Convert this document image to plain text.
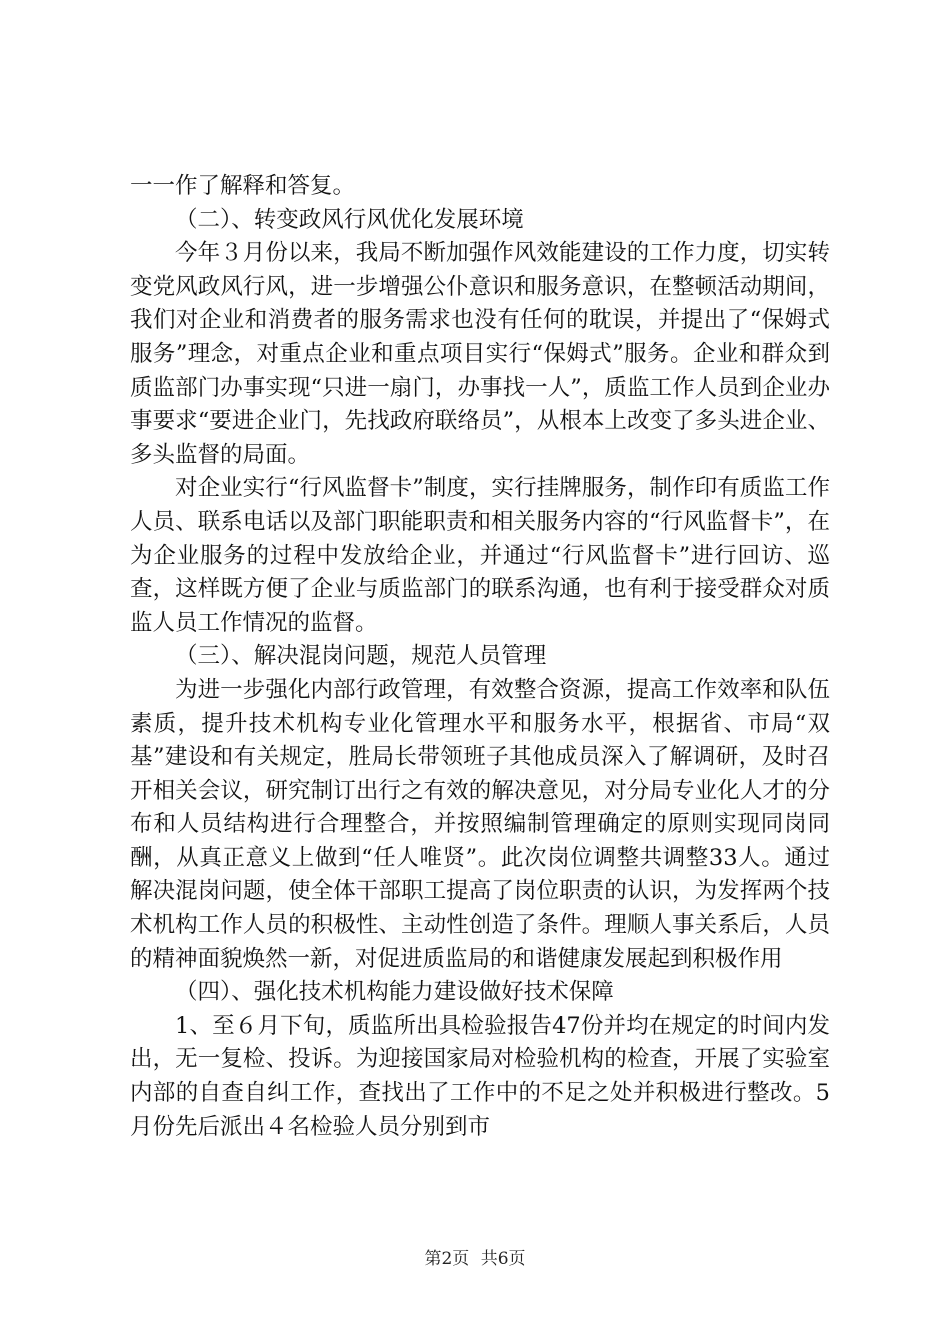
一一作了解释和答复。

（二）、转变政风行风优化发展环境

今年３月份以来，我局不断加强作风效能建设的工作力度，切实转变党风政风行风，进一步增强公仆意识和服务意识，在整顿活动期间，我们对企业和消费者的服务需求也没有任何的耽误，并提出了“保姆式服务”理念，对重点企业和重点项目实行“保姆式”服务。企业和群众到质监部门办事实现“只进一扇门，办事找一人”，质监工作人员到企业办事要求“要进企业门，先找政府联络员”，从根本上改变了多头进企业、多头监督的局面。

对企业实行“行风监督卡”制度，实行挂牌服务，制作印有质监工作人员、联系电话以及部门职能职责和相关服务内容的“行风监督卡”，在为企业服务的过程中发放给企业，并通过“行风监督卡”进行回访、巡查，这样既方便了企业与质监部门的联系沟通，也有利于接受群众对质监人员工作情况的监督。

（三）、解决混岗问题，规范人员管理

为进一步强化内部行政管理，有效整合资源，提高工作效率和队伍素质，提升技术机构专业化管理水平和服务水平，根据省、市局“双基”建设和有关规定，胜局长带领班子其他成员深入了解调研，及时召开相关会议，研究制订出行之有效的解决意见，对分局专业化人才的分布和人员结构进行合理整合，并按照编制管理确定的原则实现同岗同酬，从真正意义上做到“任人唯贤”。此次岗位调整共调整33人。通过解决混岗问题，使全体干部职工提高了岗位职责的认识，为发挥两个技术机构工作人员的积极性、主动性创造了条件。理顺人事关系后，人员的精神面貌焕然一新，对促进质监局的和谐健康发展起到积极作用

（四）、强化技术机构能力建设做好技术保障

1、至６月下旬，质监所出具检验报告47份并均在规定的时间内发出，无一复检、投诉。为迎接国家局对检验机构的检查，开展了实验室内部的自查自纠工作，查找出了工作中的不足之处并积极进行整改。5月份先后派出４名检验人员分别到市

第2页 共6页
